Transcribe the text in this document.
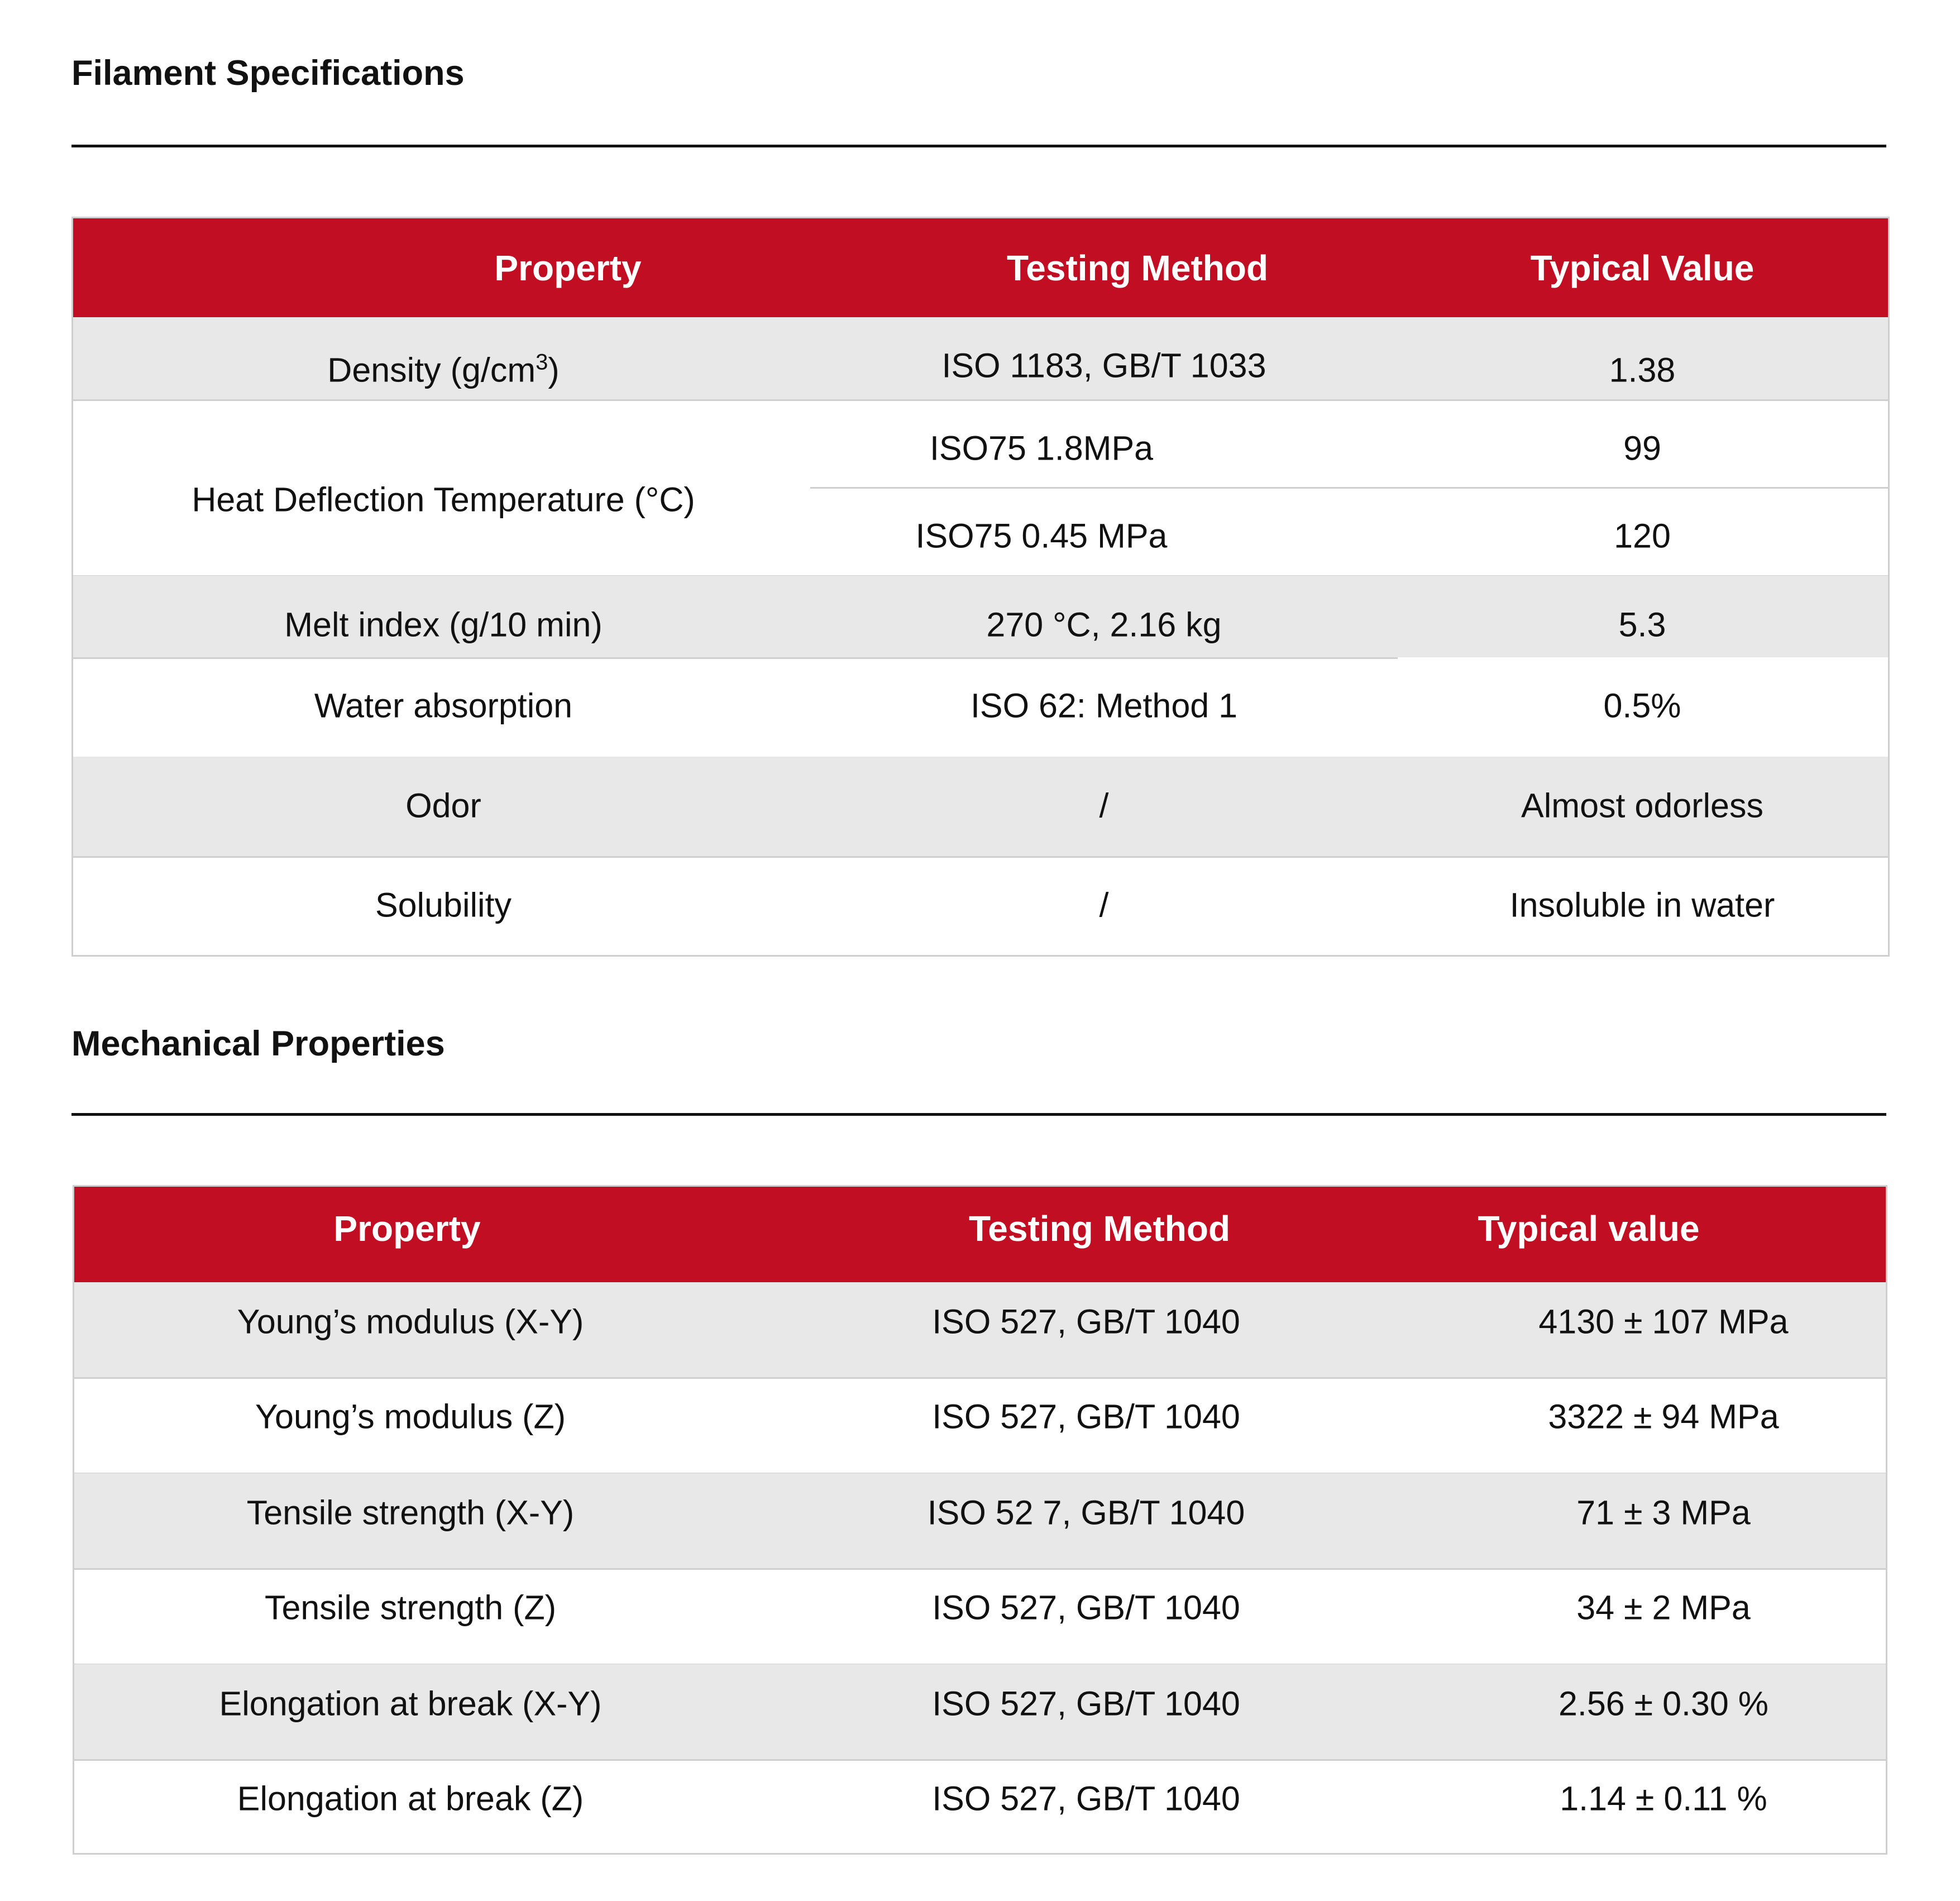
Filament Specifications
Property	Testing Method	Typical Value
Density $(g/cm^3)$	ISO 1183, GB/T 1033	1.38
Heat Deflection Temperature (°C)
ISO75 1.8MPa	99
ISO75 0.45 MPa	120
Melt index (g/10 min)	270 °C, 2.16 kg	5.3
Water absorption	ISO 62: Method 1	0.5%
Odor	/	Almost odorless
Solubility	/	Insoluble in water
Mechanical Properties
Property	Testing Method	Typical value
Young’s modulus (X-Y)	ISO 527, GB/T 1040	4130 ± 107 MPa
Young’s modulus (Z)	ISO 527, GB/T 1040	3322 ± 94 MPa
Tensile strength (X-Y)	ISO 52 7, GB/T 1040	71 ± 3 MPa
Tensile strength (Z)	ISO 527, GB/T 1040	34 ± 2 MPa
Elongation at break (X-Y)	ISO 527, GB/T 1040	2.56 ± 0.30 %
Elongation at break (Z)	ISO 527, GB/T 1040	1.14 ± 0.11 %
